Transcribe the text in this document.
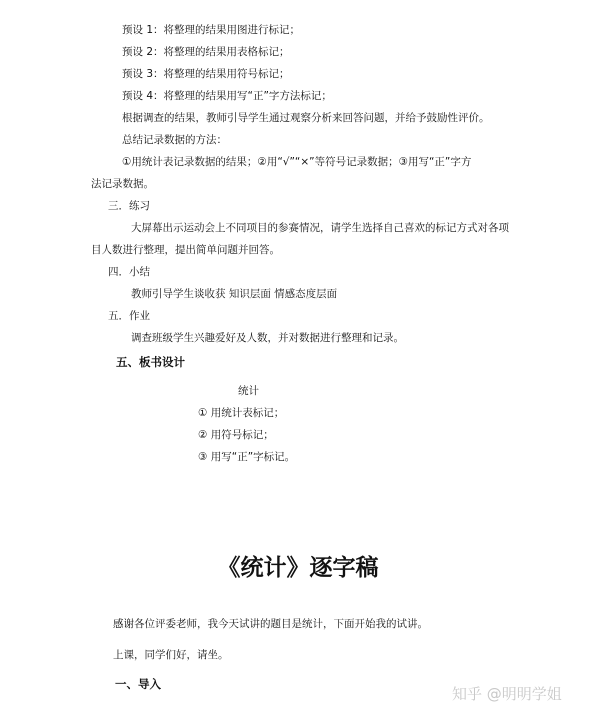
预设 1：将整理的结果用图进行标记；
预设 2：将整理的结果用表格标记；
预设 3：将整理的结果用符号标记；
预设 4：将整理的结果用写“正”字方法标记；
根据调查的结果，教师引导学生通过观察分析来回答问题，并给予鼓励性评价。
总结记录数据的方法：
①用统计表记录数据的结果；②用“√”“×”等符号记录数据；③用写“正”字方
法记录数据。
三．练习
大屏幕出示运动会上不同项目的参赛情况，请学生选择自己喜欢的标记方式对各项
目人数进行整理，提出简单问题并回答。
四．小结
教师引导学生谈收获 知识层面 情感态度层面
五．作业
调查班级学生兴趣爱好及人数，并对数据进行整理和记录。
五、板书设计
统计
① 用统计表标记；
② 用符号标记；
③ 用写“正”字标记。
《统计》逐字稿
感谢各位评委老师，我今天试讲的题目是统计，下面开始我的试讲。
上课，同学们好，请坐。
一、导入
知乎 @明明学姐
